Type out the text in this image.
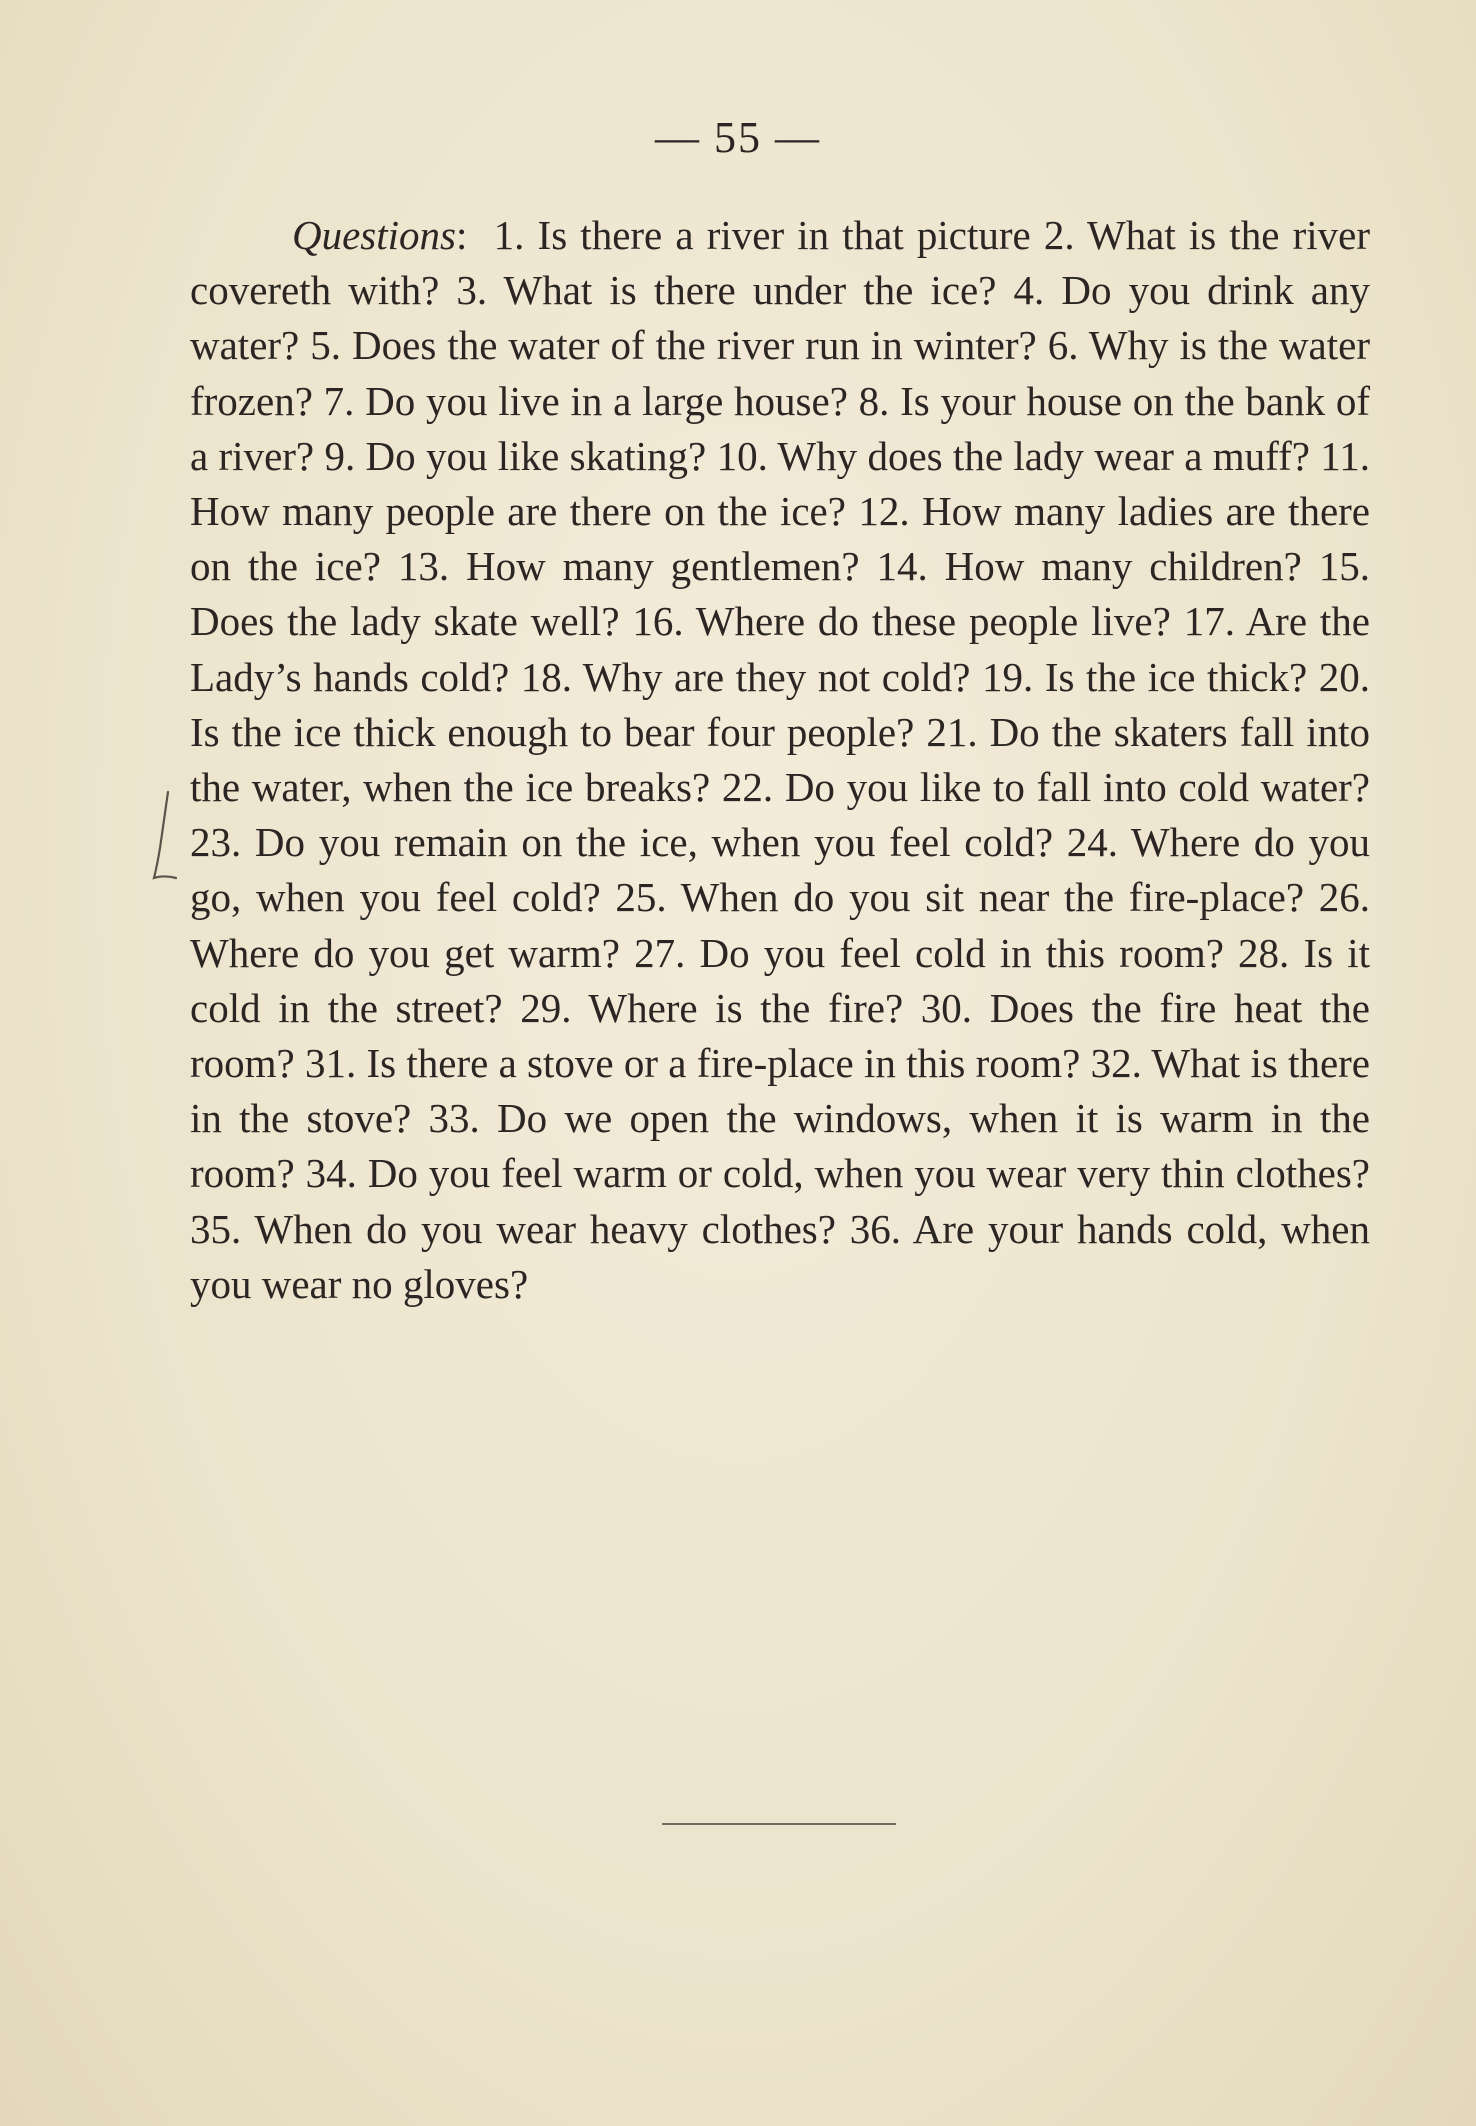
— 55 —

Questions: 1. Is there a river in that picture 2. What is the river covereth with? 3. What is there under the ice? 4. Do you drink any water? 5. Does the water of the river run in winter? 6. Why is the water frozen? 7. Do you live in a large house? 8. Is your house on the bank of a river? 9. Do you like skating? 10. Why does the lady wear a muff? 11. How many people are there on the ice? 12. How many ladies are there on the ice? 13. How many gentlemen? 14. How many children? 15. Does the lady skate well? 16. Where do these people live? 17. Are the Lady’s hands cold? 18. Why are they not cold? 19. Is the ice thick? 20. Is the ice thick enough to bear four people? 21. Do the skaters fall into the water, when the ice breaks? 22. Do you like to fall into cold water? 23. Do you remain on the ice, when you feel cold? 24. Where do you go, when you feel cold? 25. When do you sit near the fire-place? 26. Where do you get warm? 27. Do you feel cold in this room? 28. Is it cold in the street? 29. Where is the fire? 30. Does the fire heat the room? 31. Is there a stove or a fire-place in this room? 32. What is there in the stove? 33. Do we open the windows, when it is warm in the room? 34. Do you feel warm or cold, when you wear very thin clothes? 35. When do you wear heavy clothes? 36. Are your hands cold, when you wear no gloves?
